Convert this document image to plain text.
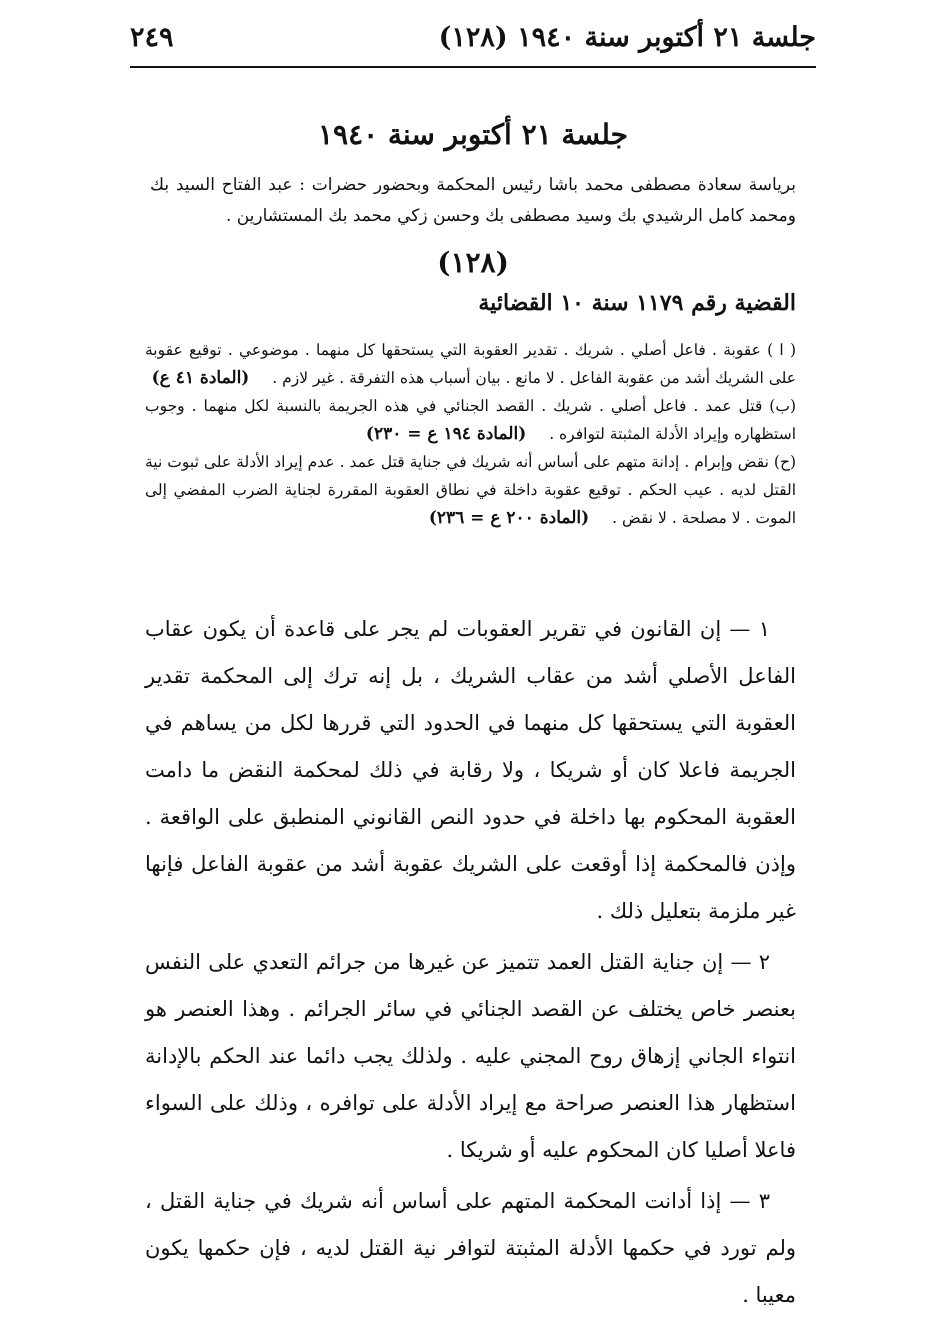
جلسة ٢١ أكتوبر سنة ١٩٤٠ (١٢٨)
٢٤٩
جلسة ٢١ أكتوبر سنة ١٩٤٠
برياسة سعادة مصطفى محمد باشا رئيس المحكمة وبحضور حضرات : عبد الفتاح السيد بك ومحمد كامل الرشيدي بك وسيد مصطفى بك وحسن زكي محمد بك المستشارين .
(١٢٨)
القضية رقم ١١٧٩ سنة ١٠ القضائية

( ا ) عقوبة . فاعل أصلي . شريك . تقدير العقوبة التي يستحقها كل منهما . موضوعي . توقيع عقوبة على الشريك أشد من عقوبة الفاعل . لا مانع . بيان أسباب هذه التفرقة . غير لازم . (المادة ٤١ ع)

(ب) قتل عمد . فاعل أصلي . شريك . القصد الجنائي في هذه الجريمة بالنسبة لكل منهما . وجوب استظهاره وإيراد الأدلة المثبتة لتوافره . (المادة ١٩٤ ع = ٢٣٠)

(ح) نقض وإبرام . إدانة متهم على أساس أنه شريك في جناية قتل عمد . عدم إيراد الأدلة على ثبوت نية القتل لديه . عيب الحكم . توقيع عقوبة داخلة في نطاق العقوبة المقررة لجناية الضرب المفضي إلى الموت . لا مصلحة . لا نقض . (المادة ٢٠٠ ع = ٢٣٦)

١ — إن القانون في تقرير العقوبات لم يجر على قاعدة أن يكون عقاب الفاعل الأصلي أشد من عقاب الشريك ، بل إنه ترك إلى المحكمة تقدير العقوبة التي يستحقها كل منهما في الحدود التي قررها لكل من يساهم في الجريمة فاعلا كان أو شريكا ، ولا رقابة في ذلك لمحكمة النقض ما دامت العقوبة المحكوم بها داخلة في حدود النص القانوني المنطبق على الواقعة . وإذن فالمحكمة إذا أوقعت على الشريك عقوبة أشد من عقوبة الفاعل فإنها غير ملزمة بتعليل ذلك .

٢ — إن جناية القتل العمد تتميز عن غيرها من جرائم التعدي على النفس بعنصر خاص يختلف عن القصد الجنائي في سائر الجرائم . وهذا العنصر هو انتواء الجاني إزهاق روح المجني عليه . ولذلك يجب دائما عند الحكم بالإدانة استظهار هذا العنصر صراحة مع إيراد الأدلة على توافره ، وذلك على السواء فاعلا أصليا كان المحكوم عليه أو شريكا .

٣ — إذا أدانت المحكمة المتهم على أساس أنه شريك في جناية القتل ، ولم تورد في حكمها الأدلة المثبتة لتوافر نية القتل لديه ، فإن حكمها يكون معيبا .
